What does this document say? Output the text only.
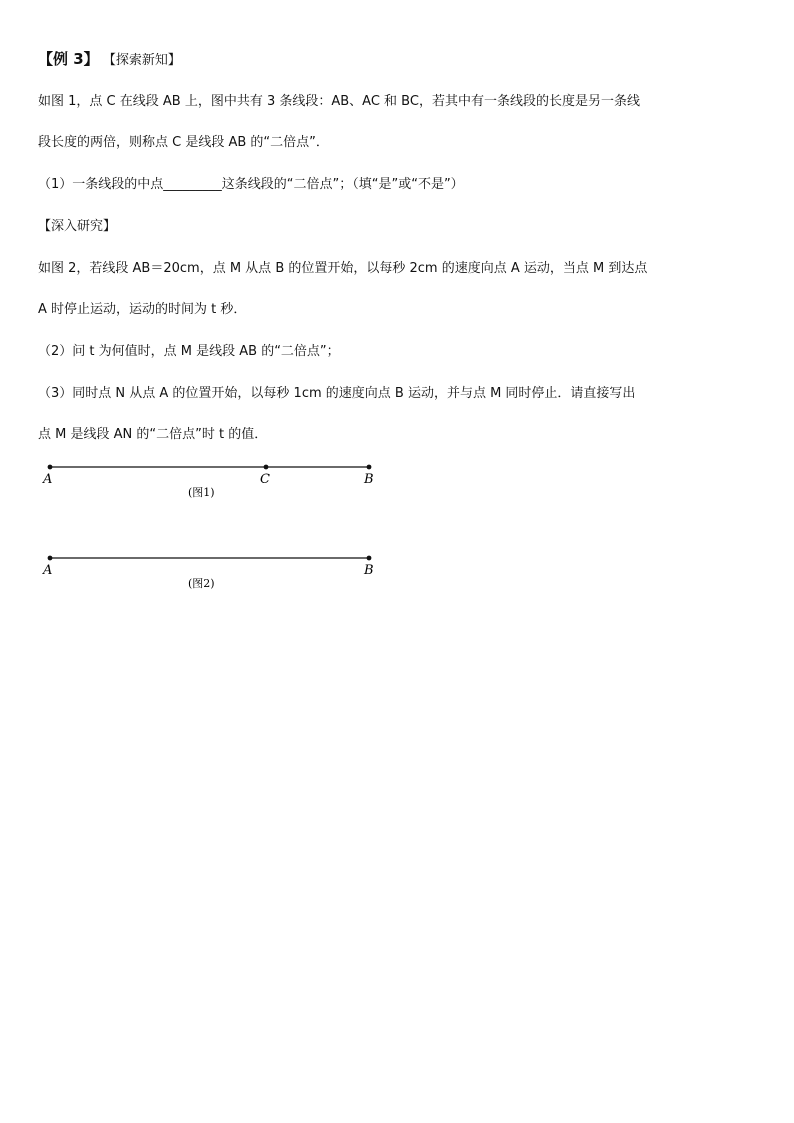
【例 3】 【探索新知】
如图 1，点 C 在线段 AB 上，图中共有 3 条线段：AB、AC 和 BC，若其中有一条线段的长度是另一条线
段长度的两倍，则称点 C 是线段 AB 的“二倍点”．
（1）一条线段的中点_________这条线段的“二倍点”；（填“是”或“不是”）
【深入研究】
如图 2，若线段 AB＝20cm，点 M 从点 B 的位置开始，以每秒 2cm 的速度向点 A 运动，当点 M 到达点
A 时停止运动，运动的时间为 t 秒．
（2）问 t 为何值时，点 M 是线段 AB 的“二倍点”；
（3）同时点 N 从点 A 的位置开始，以每秒 1cm 的速度向点 B 运动，并与点 M 同时停止．请直接写出
点 M 是线段 AN 的“二倍点”时 t 的值．
A	C	B
(图1)
A	B
(图2)
